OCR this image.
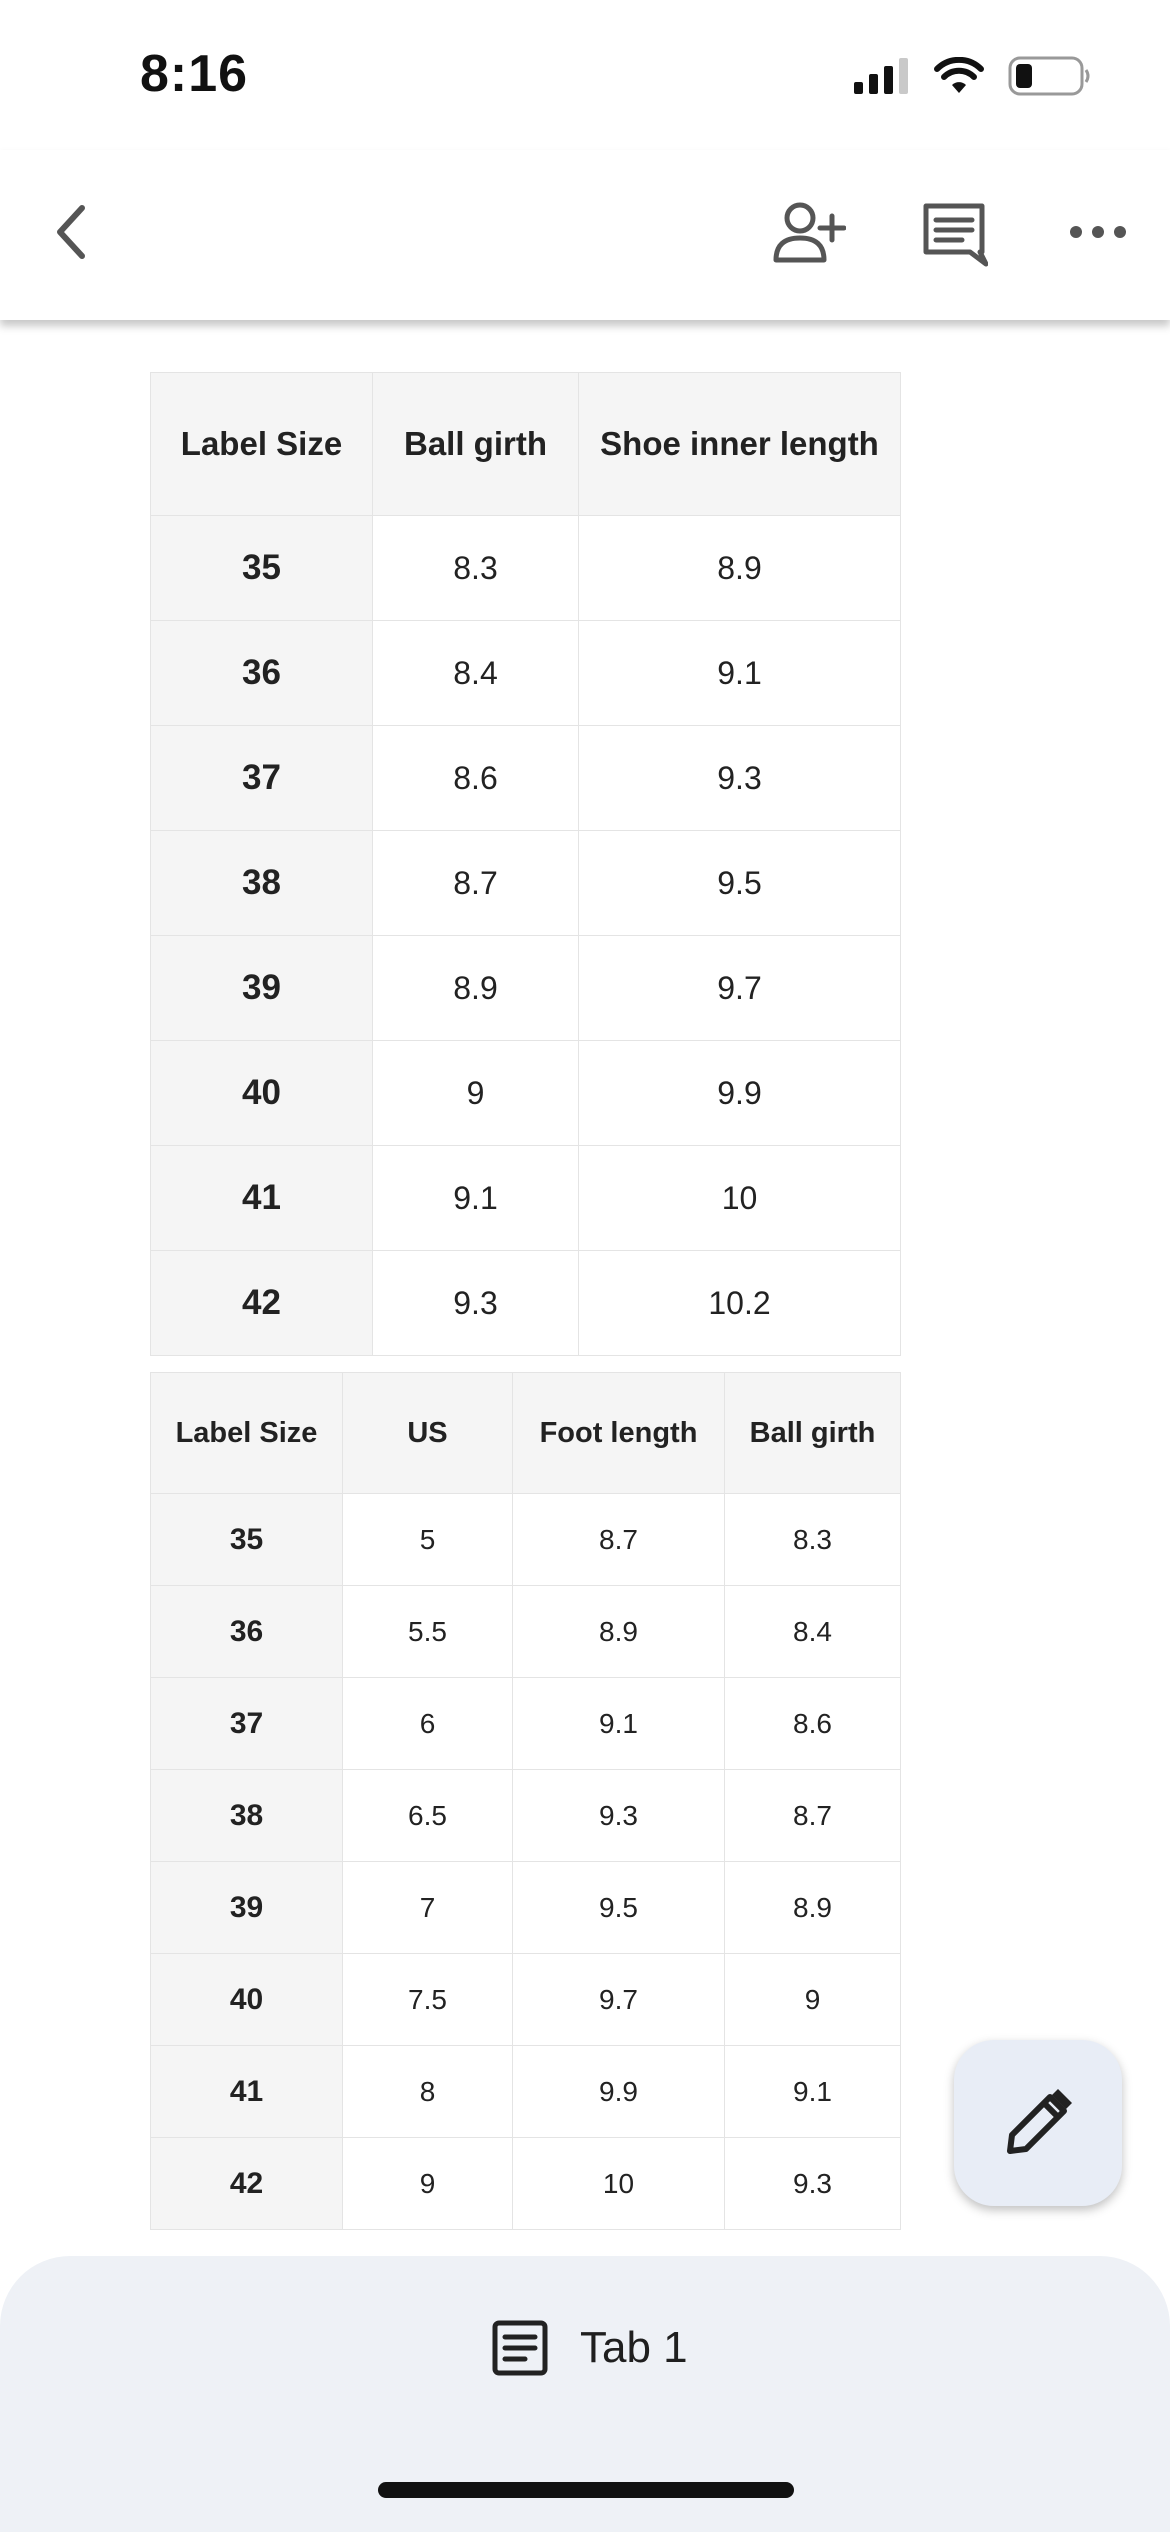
8:16
Label Size	Ball girth	Shoe inner length
35	8.3	8.9
36	8.4	9.1
37	8.6	9.3
38	8.7	9.5
39	8.9	9.7
40	9	9.9
41	9.1	10
42	9.3	10.2
Label Size	US	Foot length	Ball girth
35	5	8.7	8.3
36	5.5	8.9	8.4
37	6	9.1	8.6
38	6.5	9.3	8.7
39	7	9.5	8.9
40	7.5	9.7	9
41	8	9.9	9.1
42	9	10	9.3
Tab 1
